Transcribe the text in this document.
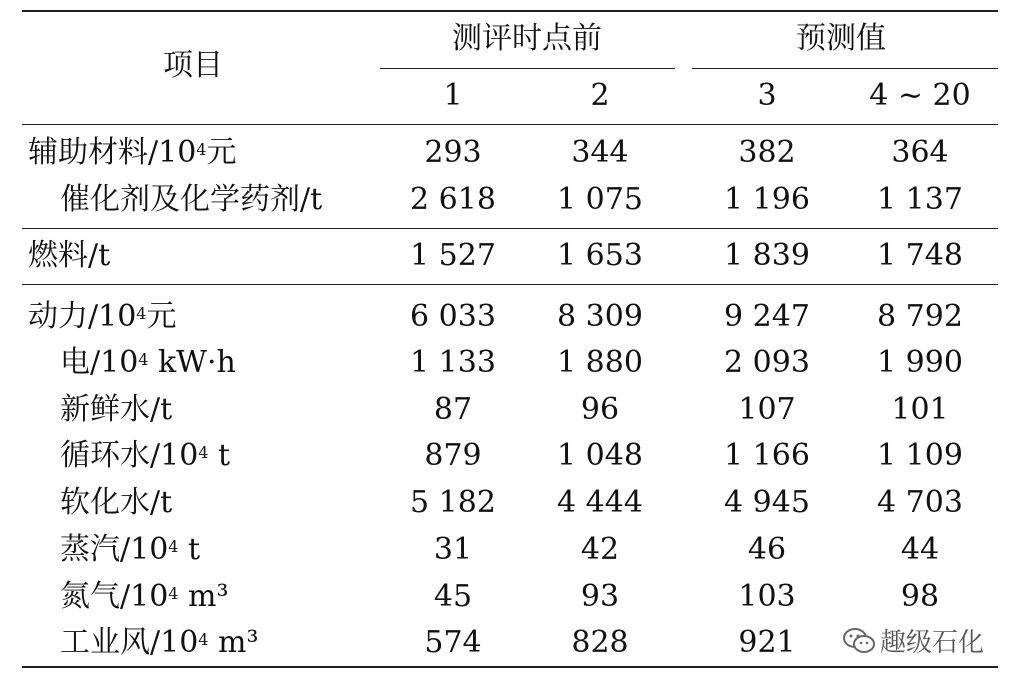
项目
测评时点前	预测值
1	2	3	4 ~ 20
辅助材料$/10^4$元	293	344	382	364
催化剂及化学药剂/t	2 618	1 075	1 196	1 137
燃料/t	1 527	1 653	1 839	1 748
动力$/10^4$元	6 033	8 309	9 247	8 792
电$/10^4$ kW·h	1 133	1 880	2 093	1 990
新鲜水/t	87	96	107	101
循环水$/10^4$ t	879	1 048	1 166	1 109
软化水/t	5 182	4 444	4 945	4 703
蒸汽$/10^4$ t	31	42	46	44
氮气$/10^4$ m³	45	93	103	98
工业风$/10^4$ m³	574	828	921	趣级石化
